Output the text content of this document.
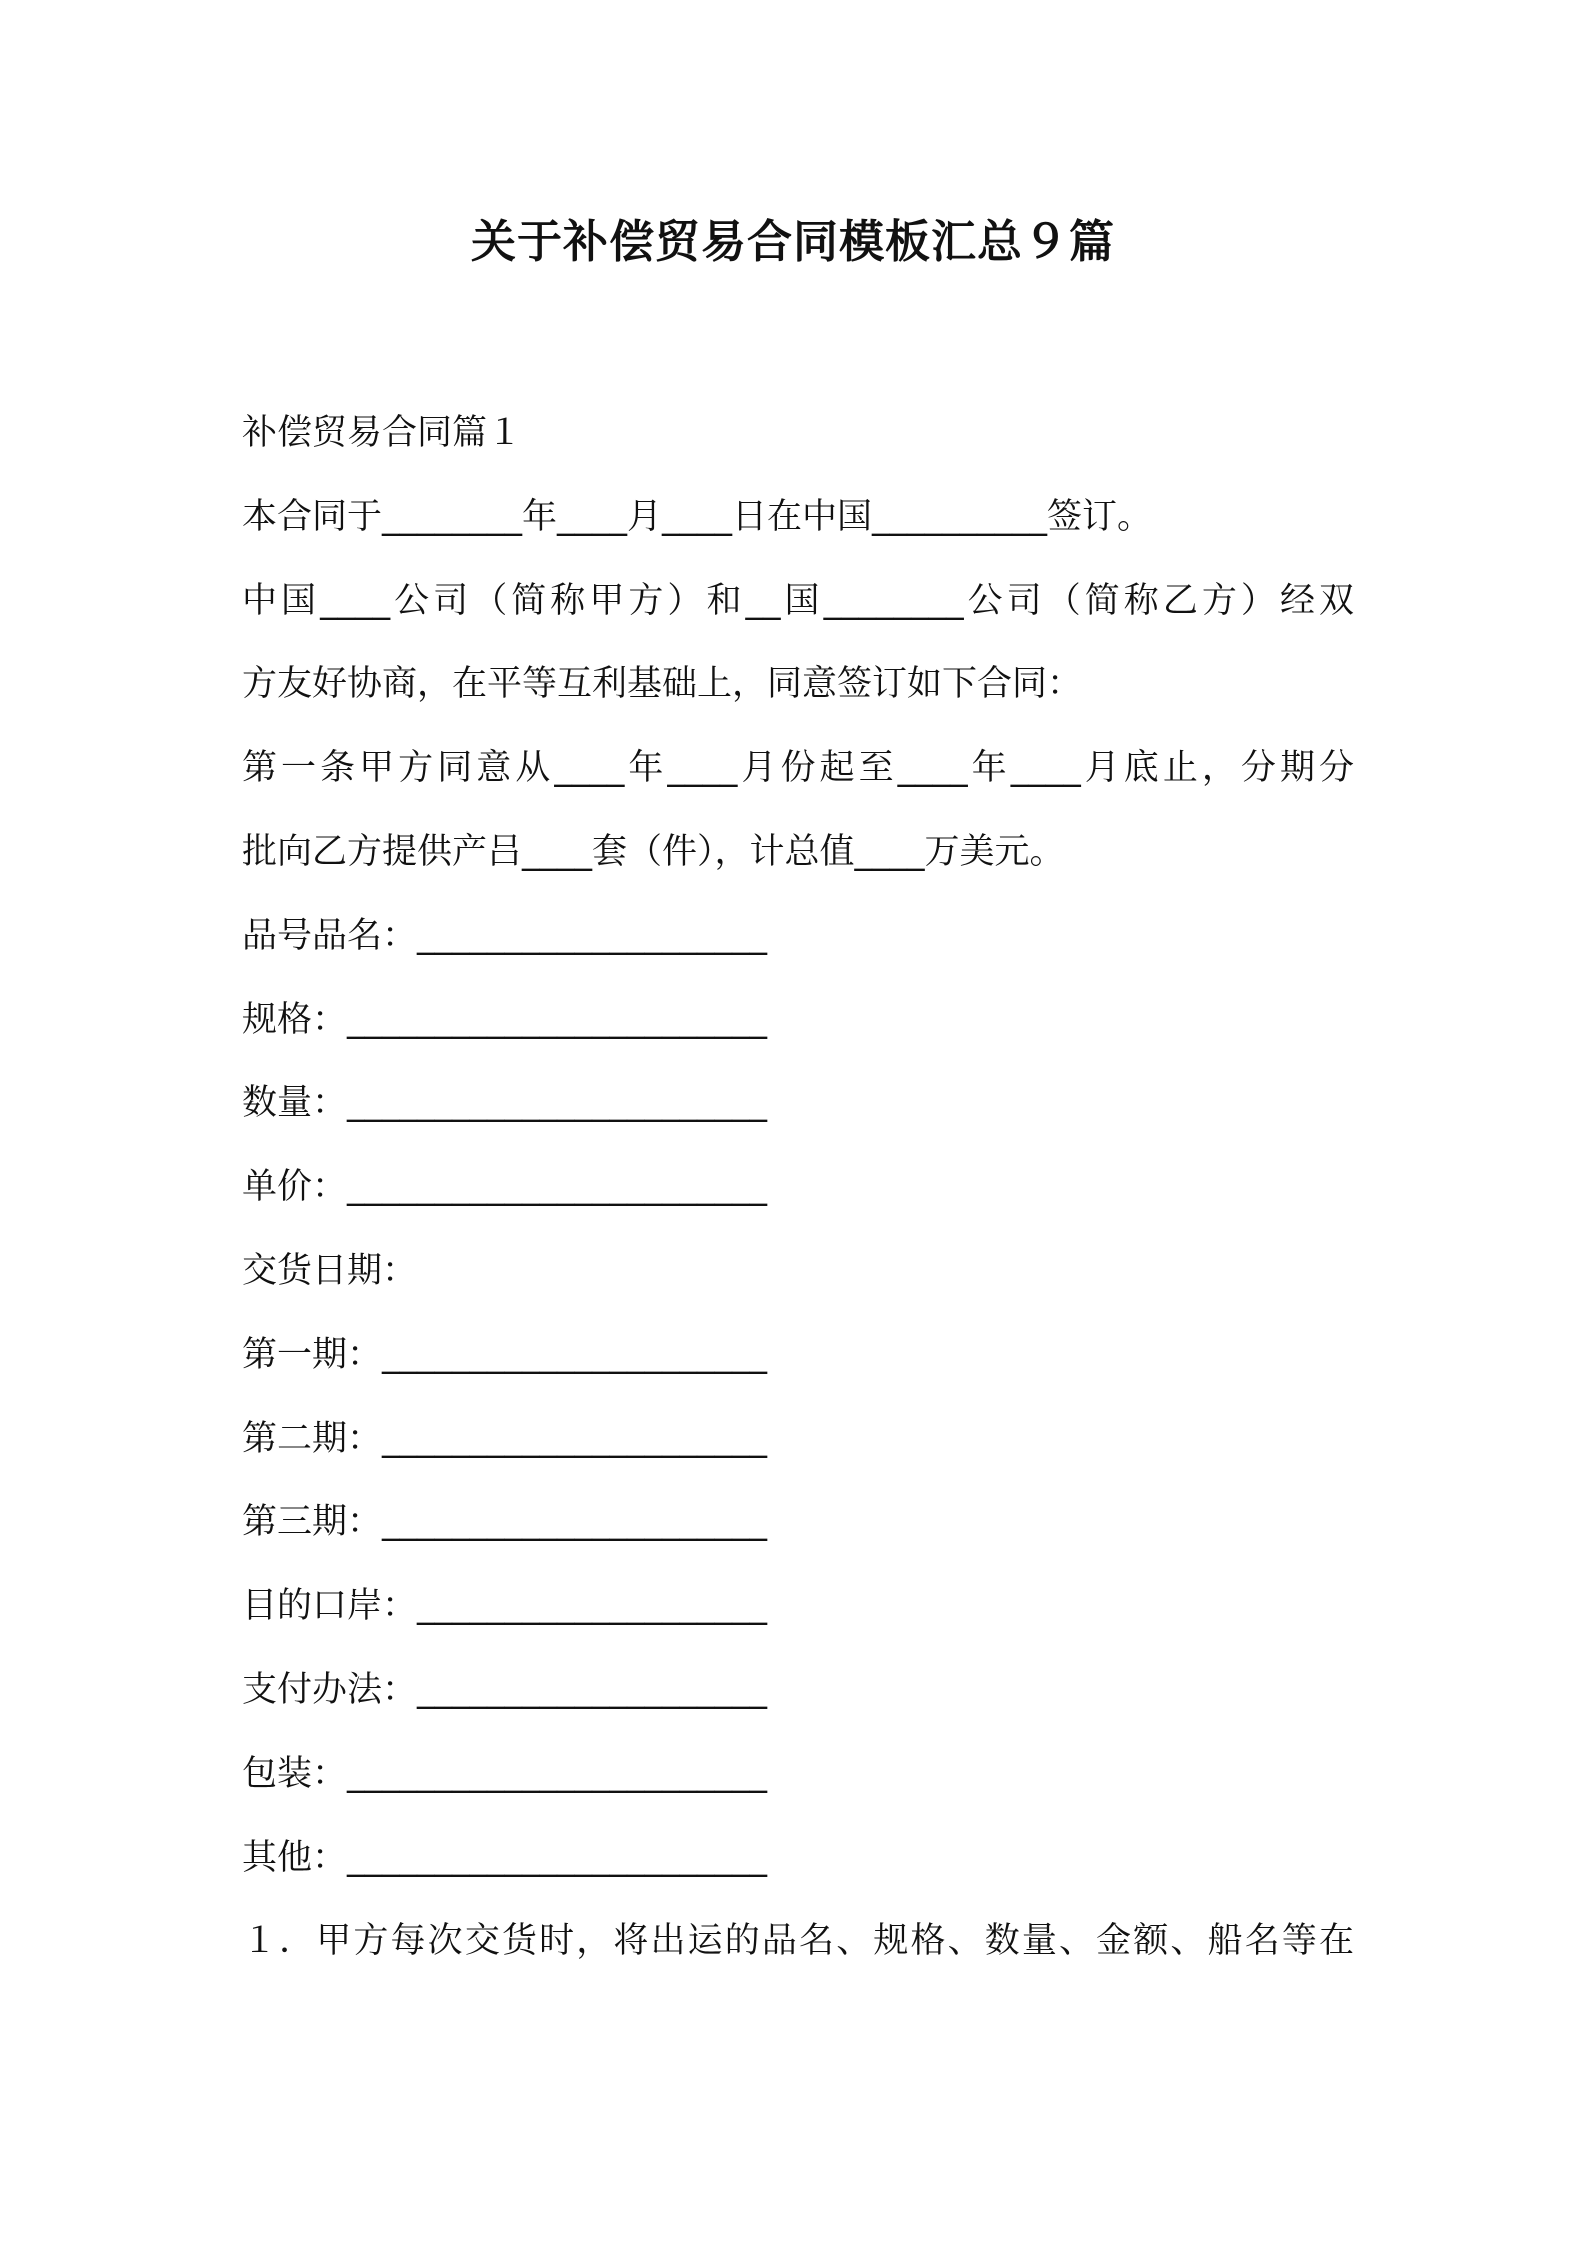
关于补偿贸易合同模板汇总９篇
补偿贸易合同篇１
本合同于________年____月____日在中国__________签订。
中国____公司（简称甲方）和__国________公司（简称乙方）经双
方友好协商，在平等互利基础上，同意签订如下合同：
第一条甲方同意从____年____月份起至____年____月底止，分期分
批向乙方提供产吕____套（件），计总值____万美元。
品号品名：____________________
规格：________________________
数量：________________________
单价：________________________
交货日期：
第一期：______________________
第二期：______________________
第三期：______________________
目的口岸：____________________
支付办法：____________________
包装：________________________
其他：________________________
１．甲方每次交货时，将出运的品名、规格、数量、金额、船名等在
